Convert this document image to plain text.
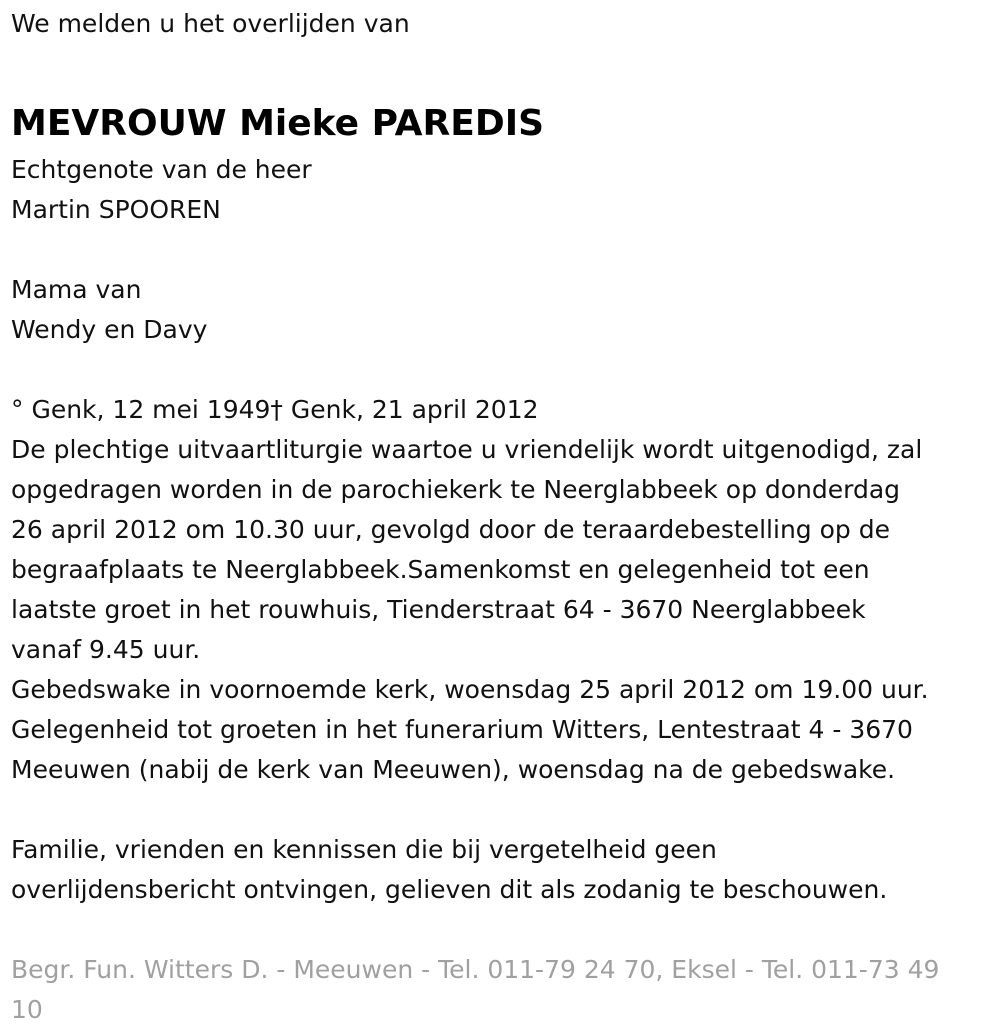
We melden u het overlijden van
MEVROUW Mieke PAREDIS
Echtgenote van de heer
Martin SPOOREN
Mama van
Wendy en Davy
° Genk, 12 mei 1949† Genk, 21 april 2012
De plechtige uitvaartliturgie waartoe u vriendelijk wordt uitgenodigd, zal
opgedragen worden in de parochiekerk te Neerglabbeek op donderdag
26 april 2012 om 10.30 uur, gevolgd door de teraardebestelling op de
begraafplaats te Neerglabbeek.Samenkomst en gelegenheid tot een
laatste groet in het rouwhuis, Tienderstraat 64 - 3670 Neerglabbeek
vanaf 9.45 uur.
Gebedswake in voornoemde kerk, woensdag 25 april 2012 om 19.00 uur.
Gelegenheid tot groeten in het funerarium Witters, Lentestraat 4 - 3670
Meeuwen (nabij de kerk van Meeuwen), woensdag na de gebedswake.
Familie, vrienden en kennissen die bij vergetelheid geen
overlijdensbericht ontvingen, gelieven dit als zodanig te beschouwen.
Begr. Fun. Witters D. - Meeuwen - Tel. 011-79 24 70, Eksel - Tel. 011-73 49
10
